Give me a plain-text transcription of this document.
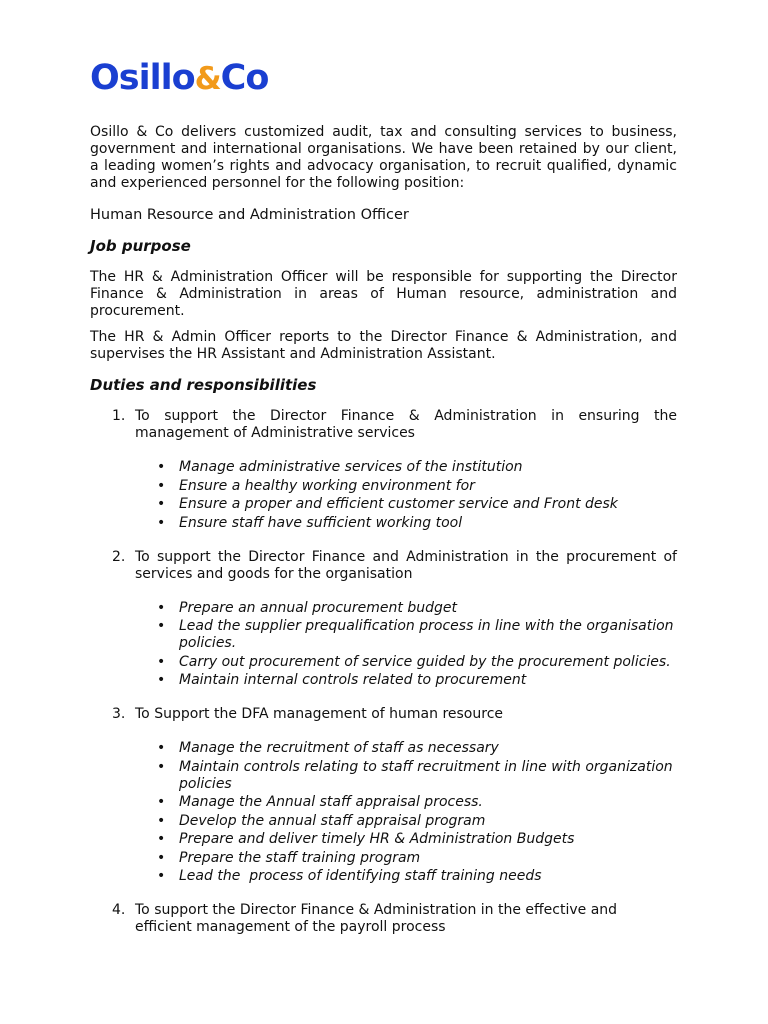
Osillo&Co

Osillo & Co delivers customized audit, tax and consulting services to business, government and international organisations. We have been retained by our client, a leading women’s rights and advocacy organisation, to recruit qualified, dynamic and experienced personnel for the following position:

Human Resource and Administration Officer

Job purpose

The HR & Administration Officer will be responsible for supporting the Director Finance & Administration in areas of Human resource, administration and procurement.

The HR & Admin Officer reports to the Director Finance & Administration, and supervises the HR Assistant and Administration Assistant.

Duties and responsibilities

1. To support the Director Finance & Administration in ensuring the management of Administrative services
• Manage administrative services of the institution
• Ensure a healthy working environment for
• Ensure a proper and efficient customer service and Front desk
• Ensure staff have sufficient working tool
2. To support the Director Finance and Administration in the procurement of services and goods for the organisation
• Prepare an annual procurement budget
• Lead the supplier prequalification process in line with the organisation policies.
• Carry out procurement of service guided by the procurement policies.
• Maintain internal controls related to procurement
3. To Support the DFA management of human resource
• Manage the recruitment of staff as necessary
• Maintain controls relating to staff recruitment in line with organization policies
• Manage the Annual staff appraisal process.
• Develop the annual staff appraisal program
• Prepare and deliver timely HR & Administration Budgets
• Prepare the staff training program
• Lead the  process of identifying staff training needs
4. To support the Director Finance & Administration in the effective and efficient management of the payroll process
